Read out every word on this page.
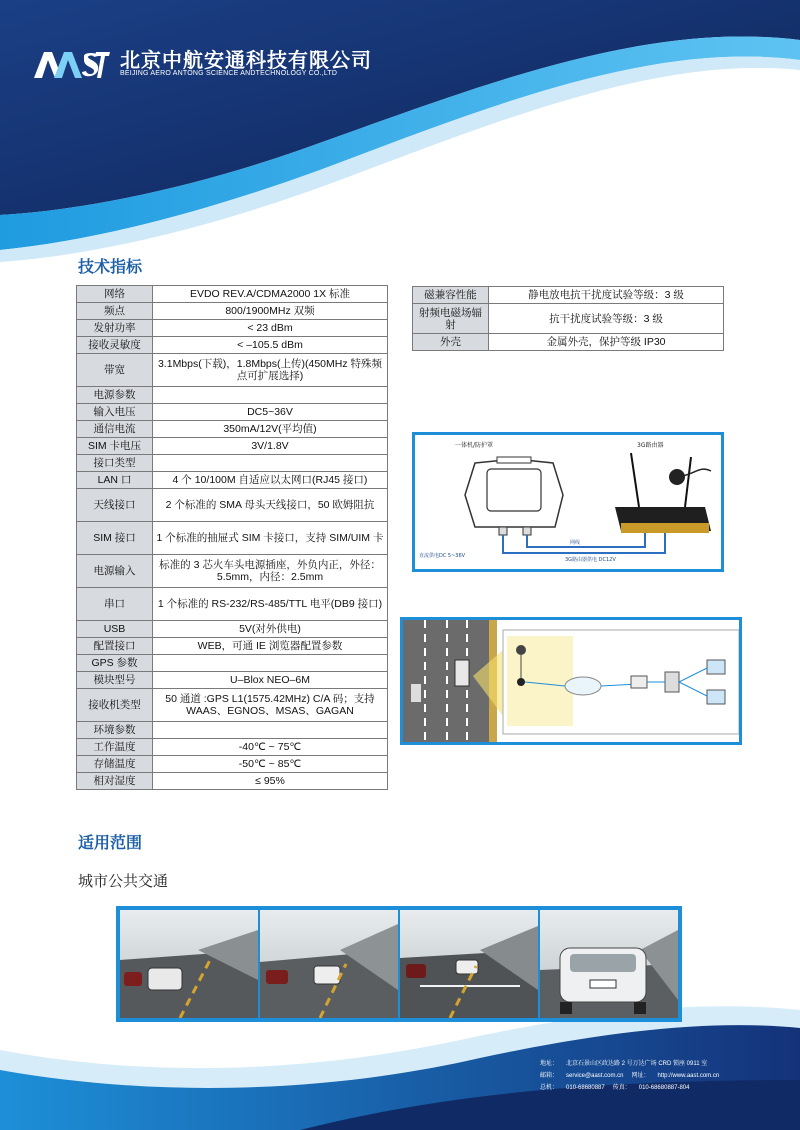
北京中航安通科技有限公司
BEIJING AERO ANTONG SCIENCE ANDTECHNOLOGY CO.,LTD
技术指标
网络	EVDO REV.A/CDMA2000 1X 标准
频点	800/1900MHz 双频
发射功率	< 23 dBm
接收灵敏度	< –105.5 dBm
带宽	3.1Mbps(下载)，1.8Mbps(上传)(450MHz 特殊频点可扩展选择)
电源参数	
输入电压	DC5~36V
通信电流	350mA/12V(平均值)
SIM 卡电压	3V/1.8V
接口类型	
LAN 口	4 个 10/100M 自适应以太网口(RJ45 接口)
天线接口	2 个标准的 SMA 母头天线接口，50 欧姆阻抗
SIM 接口	1 个标准的抽屉式 SIM 卡接口，支持 SIM/UIM 卡
电源输入	标准的 3 芯火车头电源插座，外负内正，外径：5.5mm，内径：2.5mm
串口	1 个标准的 RS-232/RS-485/TTL 电平(DB9 接口)
USB	5V(对外供电)
配置接口	WEB，可通 IE 浏览器配置参数
GPS 参数	
模块型号	U–Blox NEO–6M
接收机类型	50 通道 :GPS L1(1575.42MHz) C/A 码；支持 WAAS、EGNOS、MSAS、GAGAN
环境参数	
工作温度	-40℃ ~ 75℃
存储温度	-50℃ ~ 85℃
相对湿度	≤ 95%
磁兼容性能	静电放电抗干扰度试验等级：3 级
射频电磁场辐射	抗干扰度试验等级：3 级
外壳	金属外壳，保护等级 IP30
一体机/防护罩	3G路由器
网线
直流供电DC 5~36V
3G路由器供电 DC12V
适用范围
城市公共交通
地址： 北京石景山区政达路 2 号万达广场 CRD 锁座 0911 室
邮箱： service@aast.com.cn 网址： http://www.aast.com.cn
总机： 010-68680887 传真： 010-68680887-804
